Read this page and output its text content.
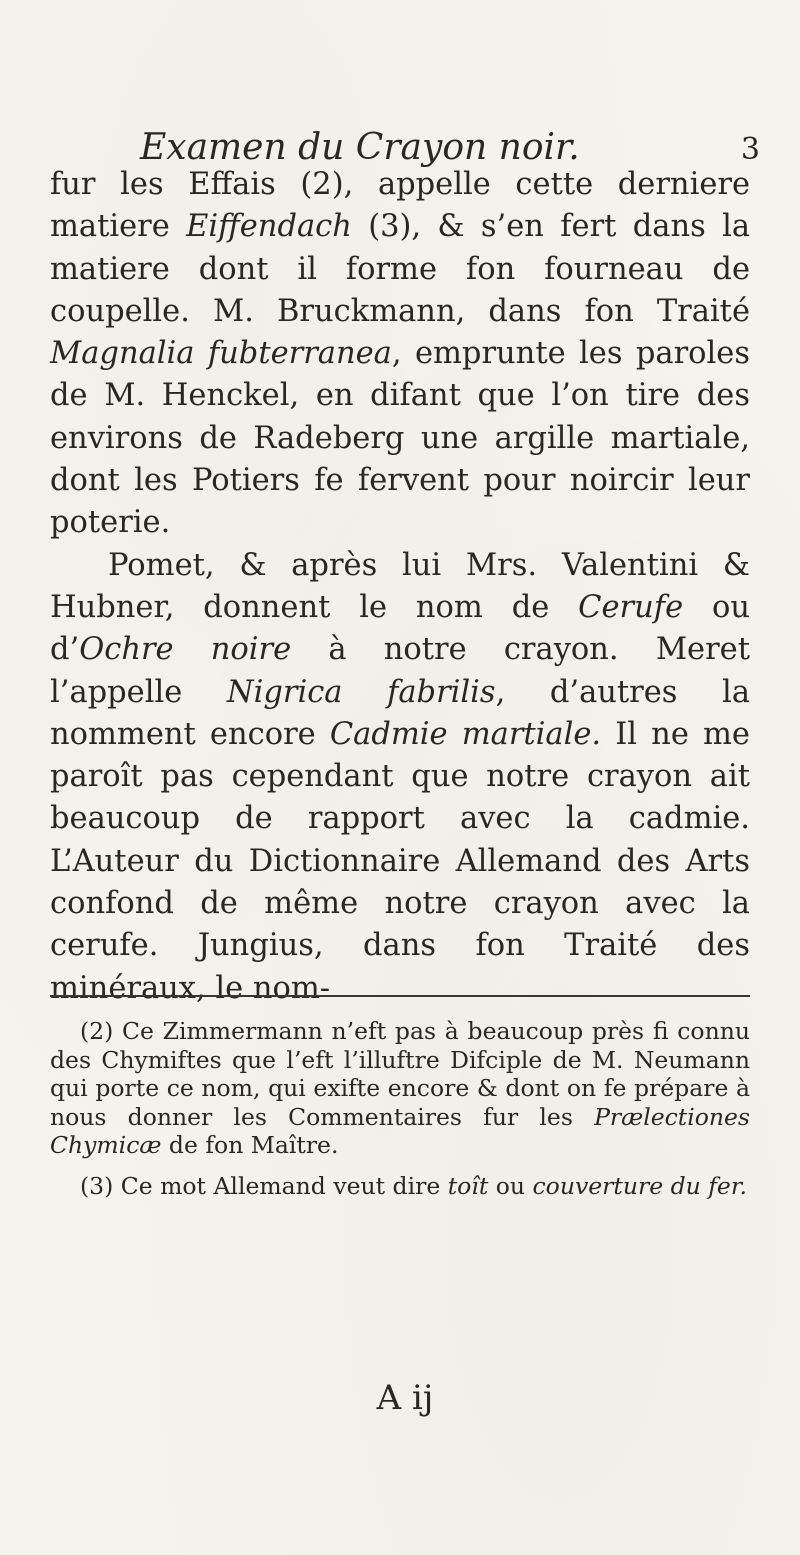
Examen du Crayon noir.	3

fur les Effais (2), appelle cette derniere matiere Eiffendach (3), & s’en fert dans la matiere dont il forme fon fourneau de coupelle. M. Bruckmann, dans fon Traité Magnalia fubterranea, emprunte les paroles de M. Henckel, en difant que l’on tire des environs de Radeberg une argille martiale, dont les Potiers fe fervent pour noircir leur poterie.

Pomet, & après lui Mrs. Valentini & Hubner, donnent le nom de Cerufe ou d’Ochre noire à notre crayon. Meret l’appelle Nigrica fabrilis, d’autres la nomment encore Cadmie martiale. Il ne me paroît pas cependant que notre crayon ait beaucoup de rapport avec la cadmie. L’Auteur du Dictionnaire Allemand des Arts confond de même notre crayon avec la cerufe. Jungius, dans fon Traité des minéraux, le nom-

(2) Ce Zimmermann n’eft pas à beaucoup près fi connu des Chymiftes que l’eft l’illuftre Difciple de M. Neumann qui porte ce nom, qui exifte encore & dont on fe prépare à nous donner les Commentaires fur les Prælectiones Chymicæ de fon Maître.

(3) Ce mot Allemand veut dire toît ou couverture du fer.

A ij
